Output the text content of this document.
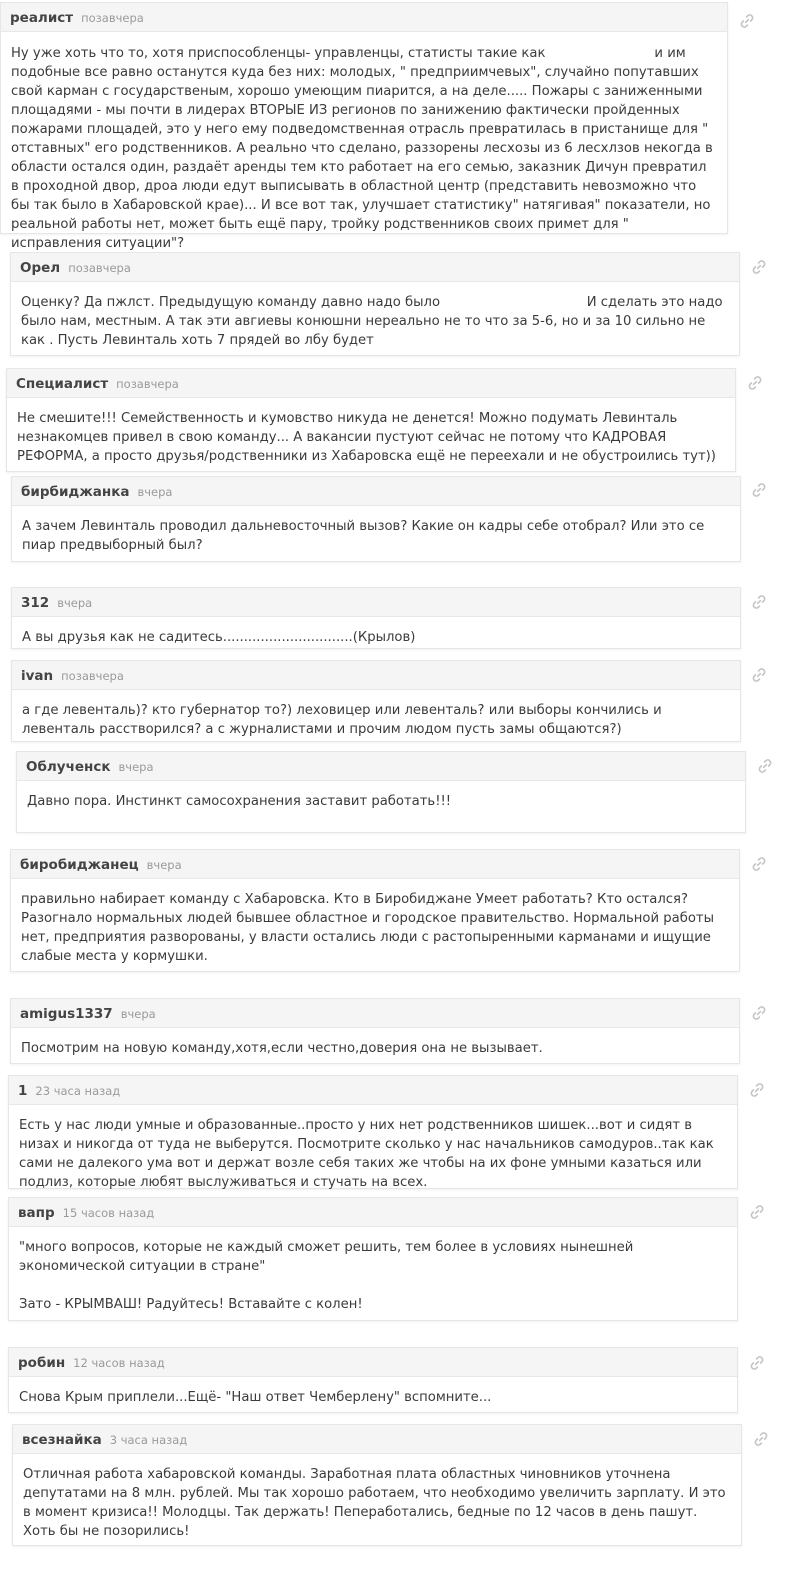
реалист позавчера

Ну уже хоть что то, хотя приспособленцы- управленцы, статисты такие как                          и им подобные все равно останутся куда без них: молодых, " предприимчевых", случайно попутавших свой карман с государственым, хорошо умеющим пиарится, а на деле..... Пожары с заниженными площадями - мы почти в лидерах ВТОРЫЕ ИЗ регионов по занижению фактически пройденных пожарами площадей, это у него ему подведомственная отрасль превратилась в пристанище для " отставных" его родственников. А реально что сделано, раззорены лесхозы из 6 лесхлзов некогда в области остался один, раздаёт аренды тем кто работает на его семью, заказник Дичун превратил в проходной двор, дроа люди едут выписывать в областной центр (представить невозможно что бы так было в Хабаровской крае)... И все вот так, улучшает статистику" натягивая" показатели, но реальной работы нет, может быть ещё пару, тройку родственников своих примет для " исправления ситуации"?

Орел позавчера

Оценку? Да пжлст. Предыдущую команду давно надо было                                   И сделать это надо было нам, местным. А так эти авгиевы конюшни нереально не то что за 5-6, но и за 10 сильно не как . Пусть Левинталь хоть 7 прядей во лбу будет

Специалист позавчера

Не смешите!!! Семейственность и кумовство никуда не денется! Можно подумать Левинталь незнакомцев привел в свою команду... А вакансии пустуют сейчас не потому что КАДРОВАЯ РЕФОРМА, а просто друзья/родственники из Хабаровска ещё не переехали и не обустроились тут))

бирбиджанка вчера

А зачем Левинталь проводил дальневосточный вызов? Какие он кадры себе отобрал? Или это се пиар предвыборный был?

312 вчера

А вы друзья как не садитесь...............................(Крылов)

ivan позавчера

а где левенталь)? кто губернатор то?) леховицер или левенталь? или выборы кончились и левенталь расстворился? а с журналистами и прочим людом пусть замы общаются?)

Облученск вчера

Давно пора. Инстинкт самосохранения заставит работать!!!

биробиджанец вчера

правильно набирает команду с Хабаровска. Кто в Биробиджане Умеет работать? Кто остался? Разогнало нормальных людей бывшее областное и городское правительство. Нормальной работы нет, предприятия разворованы, у власти остались люди с растопыренными карманами и ищущие слабые места у кормушки.

amigus1337 вчера

Посмотрим на новую команду,хотя,если честно,доверия она не вызывает.

1 23 часа назад

Есть у нас люди умные и образованные..просто у них нет родственников шишек...вот и сидят в низах и никогда от туда не выберутся. Посмотрите сколько у нас начальников самодуров..так как сами не далекого ума вот и держат возле себя таких же чтобы на их фоне умными казаться или подлиз, которые любят выслуживаться и стучать на всех.

вапр 15 часов назад

"много вопросов, которые не каждый сможет решить, тем более в условиях нынешней экономической ситуации в стране"

Зато - КРЫМВАШ! Радуйтесь! Вставайте с колен!

робин 12 часов назад

Снова Крым приплели...Ещё- "Наш ответ Чемберлену" вспомните...

всезнайка 3 часа назад

Отличная работа хабаровской команды. Заработная плата областных чиновников уточнена депутатами на 8 млн. рублей. Мы так хорошо работаем, что необходимо увеличить зарплату. И это в момент кризиса!! Молодцы. Так держать! Пепеработались, бедные по 12 часов в день пашут. Хоть бы не позорились!
